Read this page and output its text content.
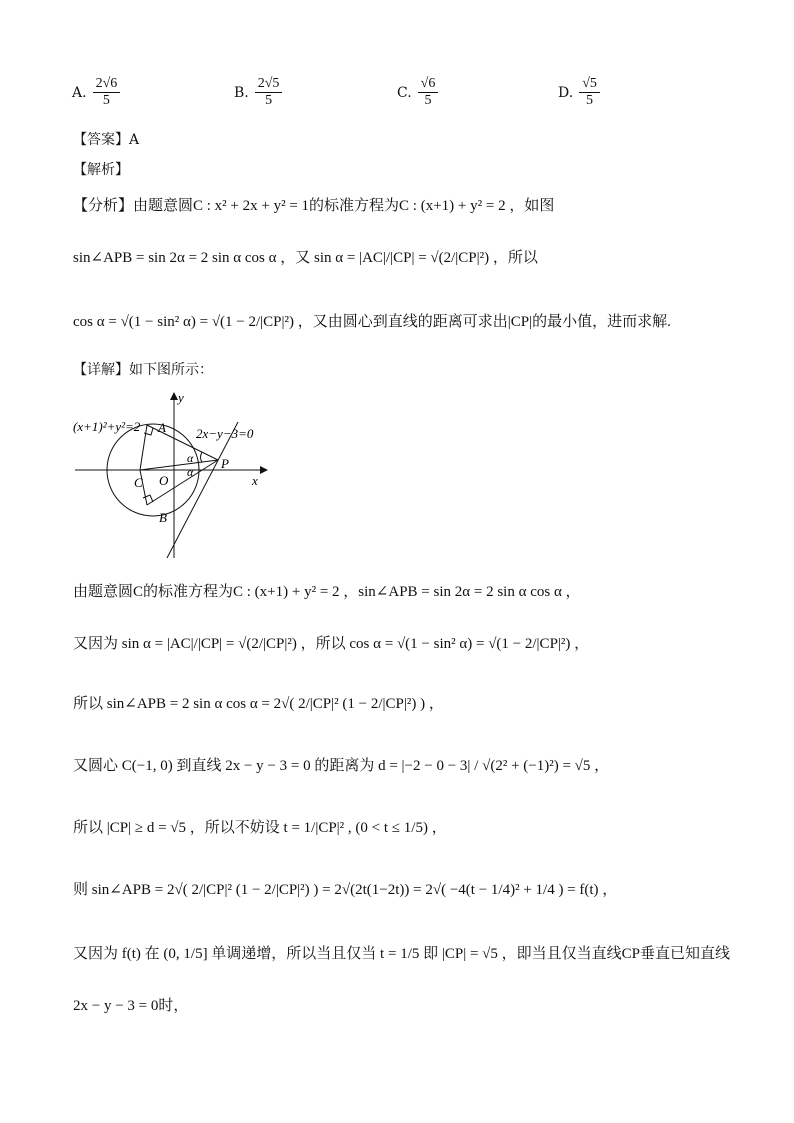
A. $\frac{2√6}{5}$	B. $\frac{2√5}{5}$	C. $\frac{√6}{5}$	D. $\frac{√5}{5}$
【答案】A
【解析】
【分析】由题意圆C : x² + 2x + y² = 1的标准方程为C : (x+1) + y² = 2 ，如图
sin∠APB = sin 2α = 2 sin α cos α ，又 sin α = |AC|/|CP| = √(2/|CP|²) ，所以
cos α = √(1 − sin² α) = √(1 − 2/|CP|²) ，又由圆心到直线的距离可求出|CP|的最小值，进而求解.
【详解】如下图所示：
(x+1)²+y²=2	2x−y−3=0
A
B
C O
P
x
y
α
α
由题意圆C的标准方程为C : (x+1) + y² = 2 ，sin∠APB = sin 2α = 2 sin α cos α ，
又因为 sin α = |AC|/|CP| = √(2/|CP|²) ，所以 cos α = √(1 − sin² α) = √(1 − 2/|CP|²) ，
所以 sin∠APB = 2 sin α cos α = 2√( 2/|CP|² (1 − 2/|CP|²) ) ，
又圆心 C(−1, 0) 到直线 2x − y − 3 = 0 的距离为 d = |−2 − 0 − 3| / √(2² + (−1)²) = √5 ，
所以 |CP| ≥ d = √5 ，所以不妨设 t = 1/|CP|² , (0 < t ≤ 1/5) ，
则 sin∠APB = 2√( 2/|CP|² (1 − 2/|CP|²) ) = 2√(2t(1−2t)) = 2√( −4(t − 1/4)² + 1/4 ) = f(t) ，
又因为 f(t) 在 (0, 1/5] 单调递增，所以当且仅当 t = 1/5 即 |CP| = √5 ，即当且仅当直线CP垂直已知直线
2x − y − 3 = 0时，
